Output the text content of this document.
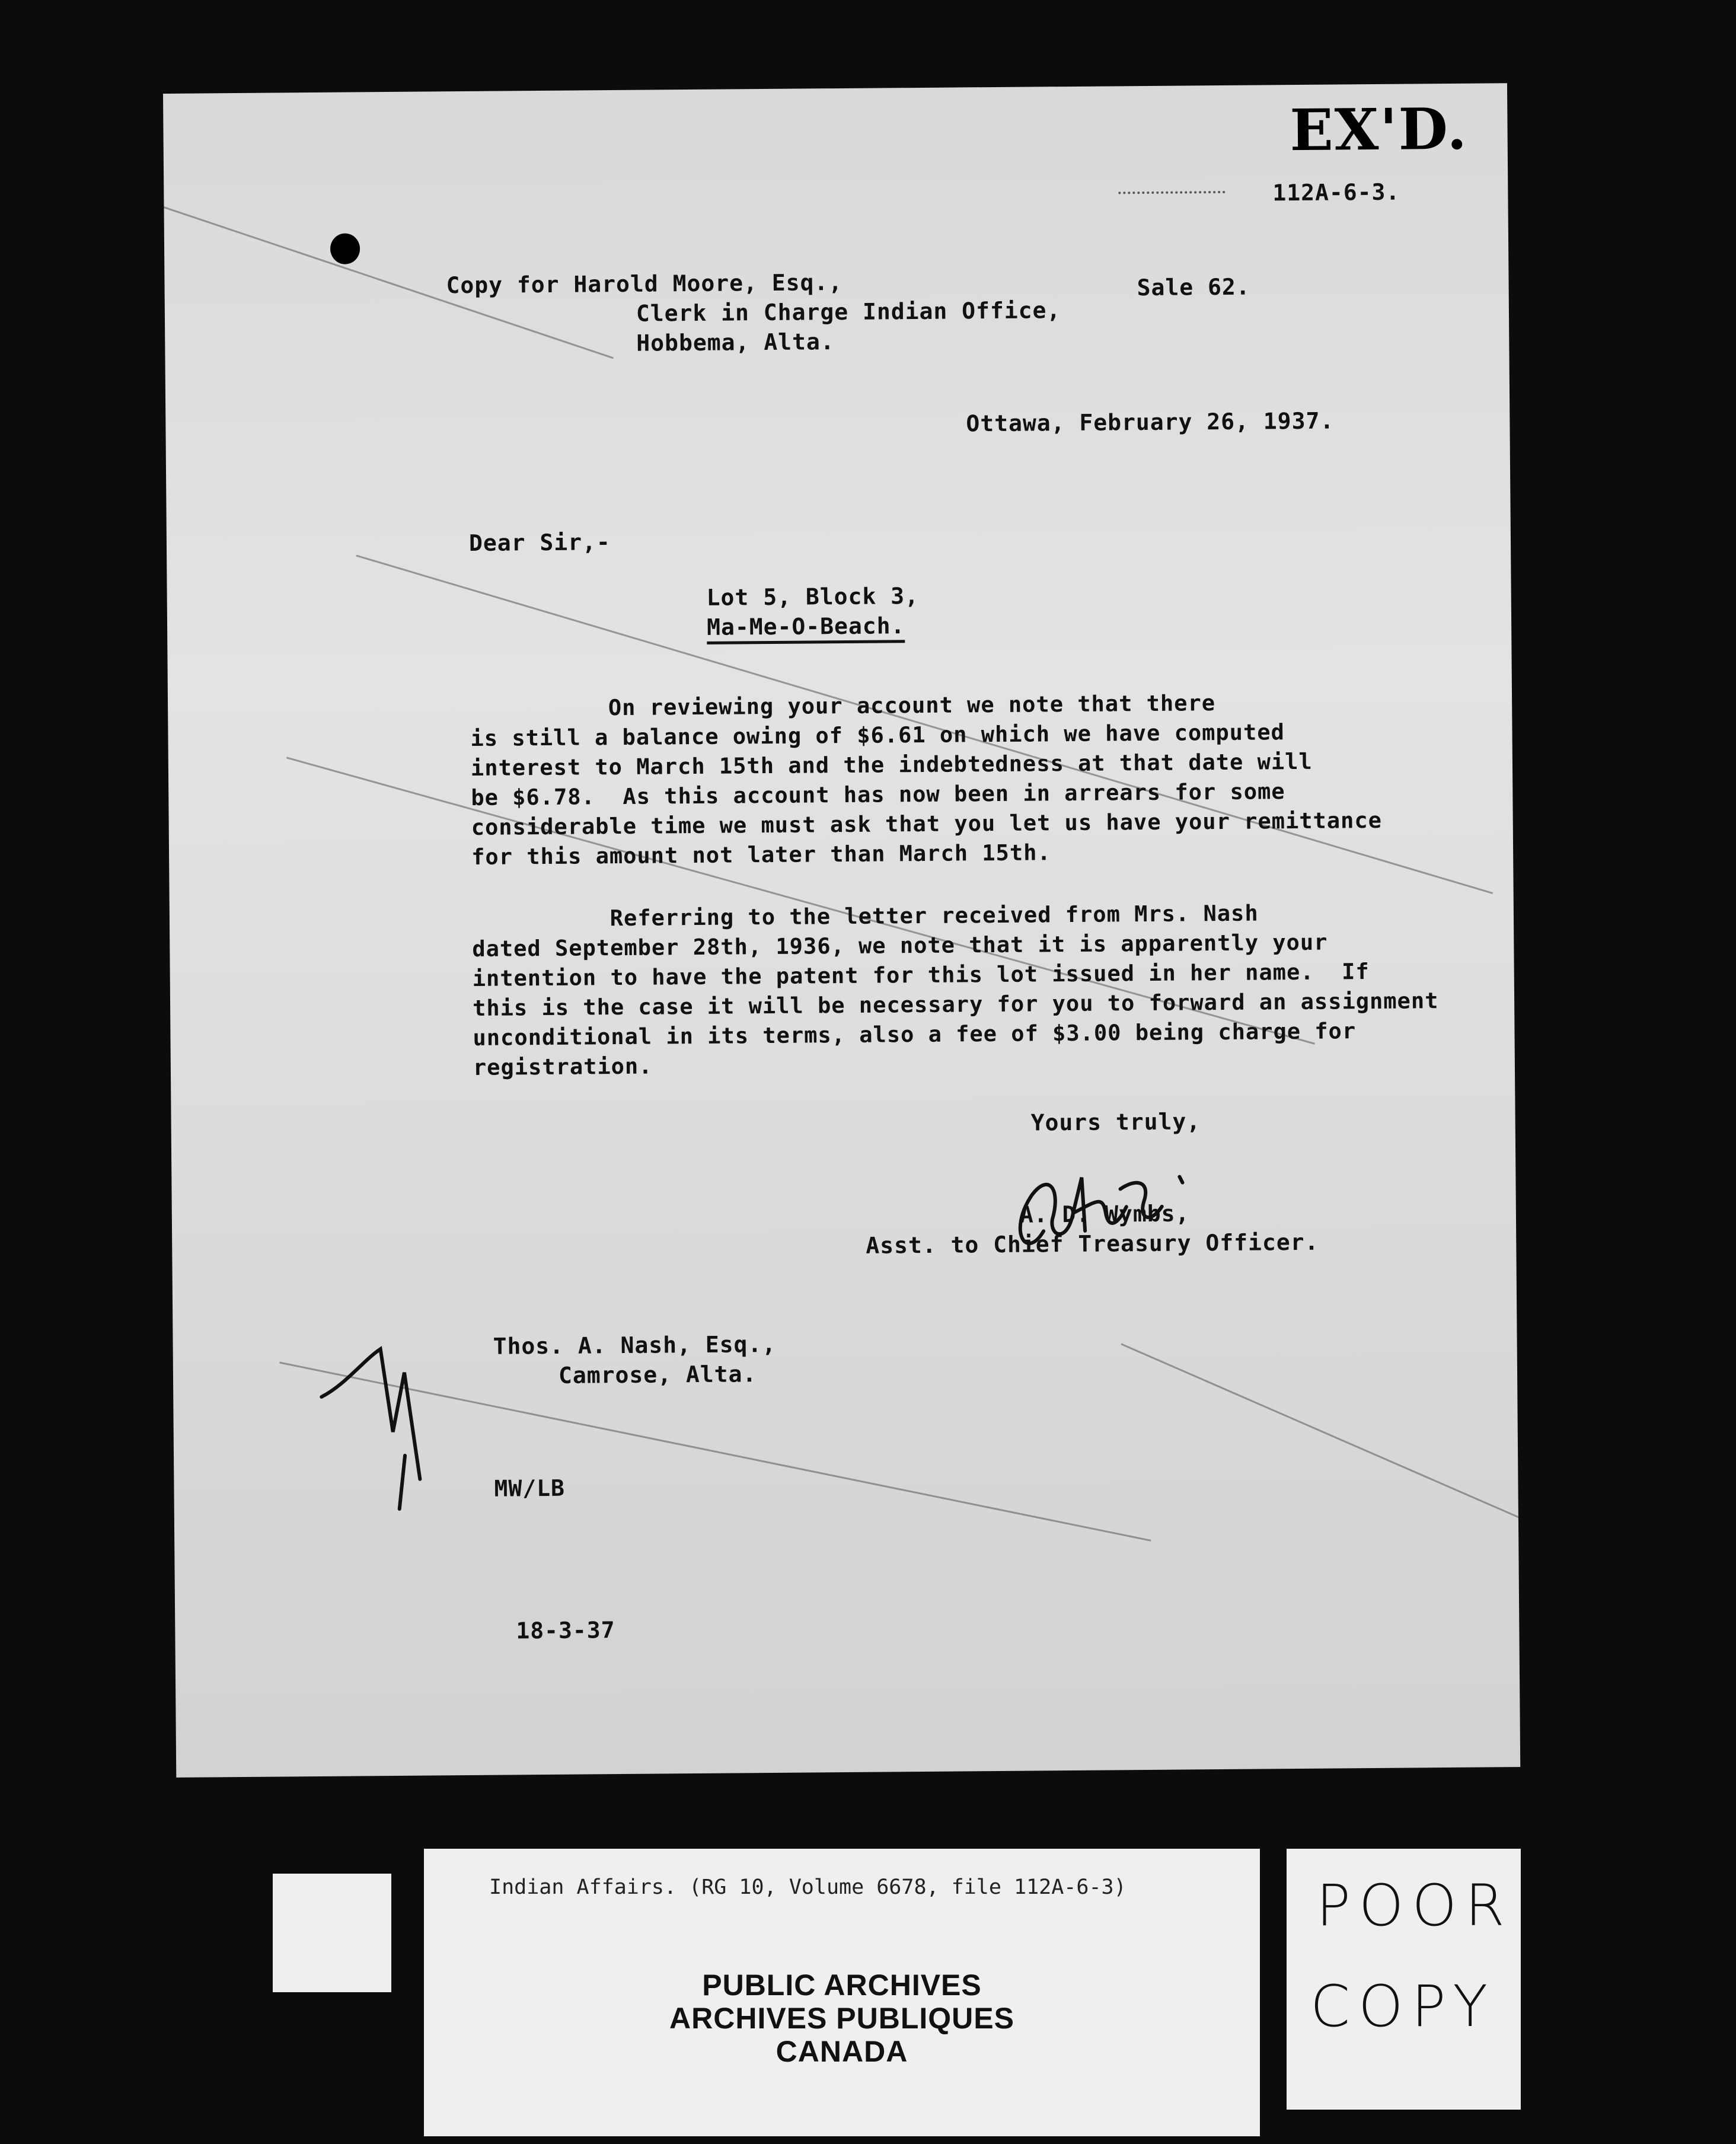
EX'D.
112A-6-3.
Copy for Harold Moore, Esq.,
Clerk in Charge Indian Office,
Hobbema, Alta.
Sale 62.
Ottawa, February 26, 1937.
Dear Sir,-
Lot 5, Block 3,
Ma-Me-O-Beach.
On reviewing your account we note that there
is still a balance owing of $6.61 on which we have computed
interest to March 15th and the indebtedness at that date will
be $6.78.  As this account has now been in arrears for some
considerable time we must ask that you let us have your remittance
for this amount not later than March 15th.
Referring to the letter received from Mrs. Nash
dated September 28th, 1936, we note that it is apparently your
intention to have the patent for this lot issued in her name.  If
this is the case it will be necessary for you to forward an assignment
unconditional in its terms, also a fee of $3.00 being charge for
registration.
Yours truly,
A. D. Wymbs,
Asst. to Chief Treasury Officer.
Thos. A. Nash, Esq.,
Camrose, Alta.
MW/LB
18-3-37
Indian Affairs. (RG 10, Volume 6678, file 112A-6-3)
PUBLIC ARCHIVES
ARCHIVES PUBLIQUES
CANADA
POOR
COPY
